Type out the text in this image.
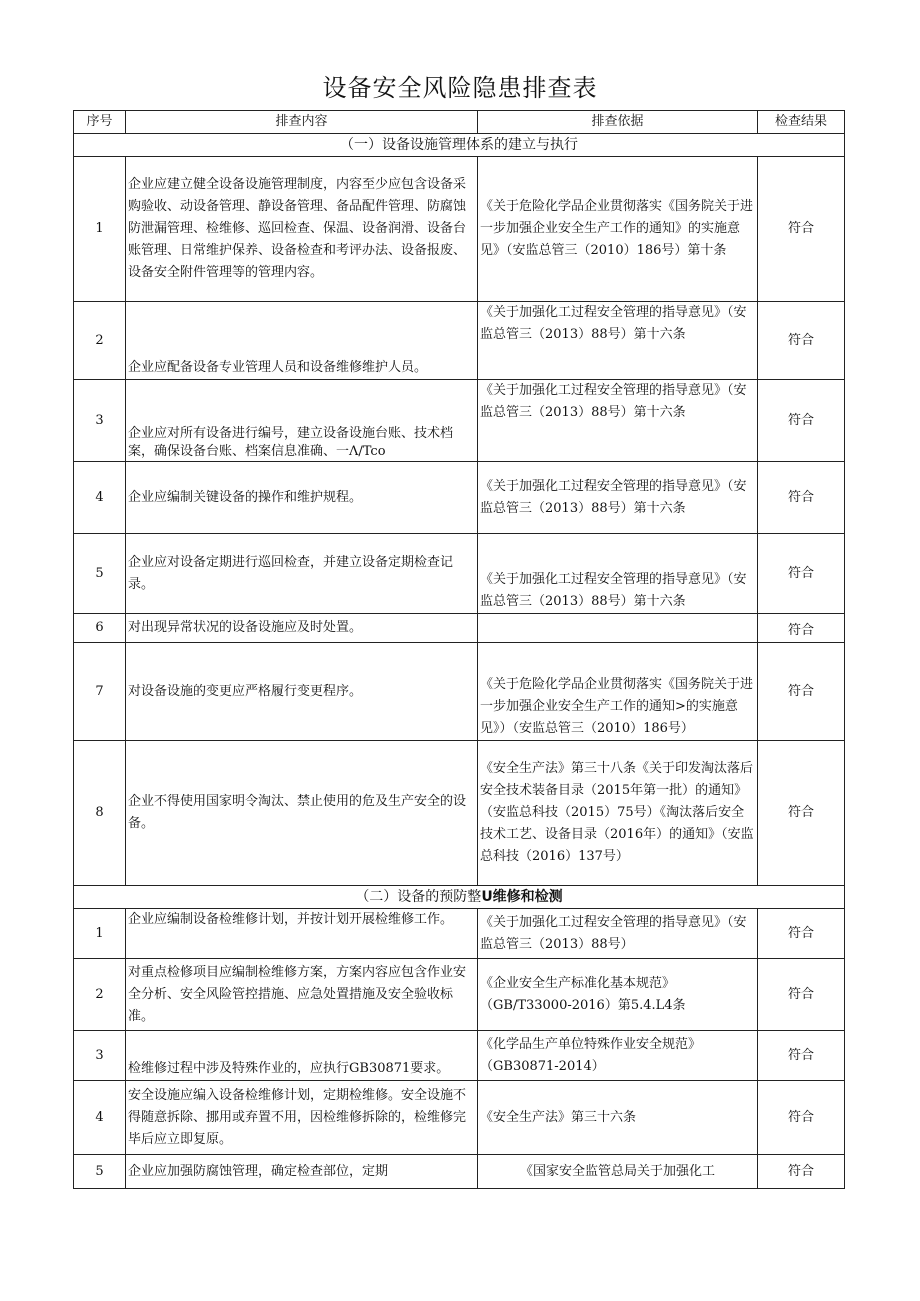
设备安全风险隐患排查表
序号	排查内容	排查依据	检查结果
（一）设备设施管理体系的建立与执行			
1	企业应建立健全设备设施管理制度，内容至少应包含设备采购验收、动设备管理、静设备管理、备品配件管理、防腐蚀防泄漏管理、检维修、巡回检查、保温、设备润滑、设备台账管理、日常维护保养、设备检查和考评办法、设备报废、设备安全附件管理等的管理内容。	《关于危险化学品企业贯彻落实《国务院关于进一步加强企业安全生产工作的通知》的实施意见》（安监总管三（2010）186号）第十条	符合
2	企业应配备设备专业管理人员和设备维修维护人员。	《关于加强化工过程安全管理的指导意见》（安监总管三（2013）88号）第十六条	符合
3	企业应对所有设备进行编号，建立设备设施台账、技术档案，确保设备台账、档案信息准确、一Λ/Tco	《关于加强化工过程安全管理的指导意见》（安监总管三（2013）88号）第十六条	符合
4	企业应编制关键设备的操作和维护规程。	《关于加强化工过程安全管理的指导意见》（安监总管三（2013）88号）第十六条	符合
5	企业应对设备定期进行巡回检查，并建立设备定期检查记录。	《关于加强化工过程安全管理的指导意见》（安监总管三（2013）88号）第十六条	符合
6	对出现异常状况的设备设施应及时处置。		符合
7	对设备设施的变更应严格履行变更程序。	《关于危险化学品企业贯彻落实《国务院关于进一步加强企业安全生产工作的通知>的实施意见》）（安监总管三（2010）186号）	符合
8	企业不得使用国家明令淘汰、禁止使用的危及生产安全的设备。	《安全生产法》第三十八条《关于印发淘汰落后安全技术装备目录（2015年第一批）的通知》（安监总科技（2015）75号）《淘汰落后安全技术工艺、设备目录（2016年）的通知》（安监总科技（2016）137号）	符合
（二）设备的预防整U维修和检测			
1	企业应编制设备检维修计划，并按计划开展检维修工作。	《关于加强化工过程安全管理的指导意见》（安监总管三（2013）88号）	符合
2	对重点检修项目应编制检维修方案，方案内容应包含作业安全分析、安全风险管控措施、应急处置措施及安全验收标准。	《企业安全生产标准化基本规范》（GB/T33000-2016）第5.4.L4条	符合
3	检维修过程中涉及特殊作业的，应执行GB30871要求。	《化学品生产单位特殊作业安全规范》（GB30871-2014）	符合
4	安全设施应编入设备检维修计划，定期检维修。安全设施不得随意拆除、挪用或弃置不用，因检维修拆除的，检维修完毕后应立即复原。	《安全生产法》第三十六条	符合
5	企业应加强防腐蚀管理，确定检查部位，定期	《国家安全监管总局关于加强化工	符合
